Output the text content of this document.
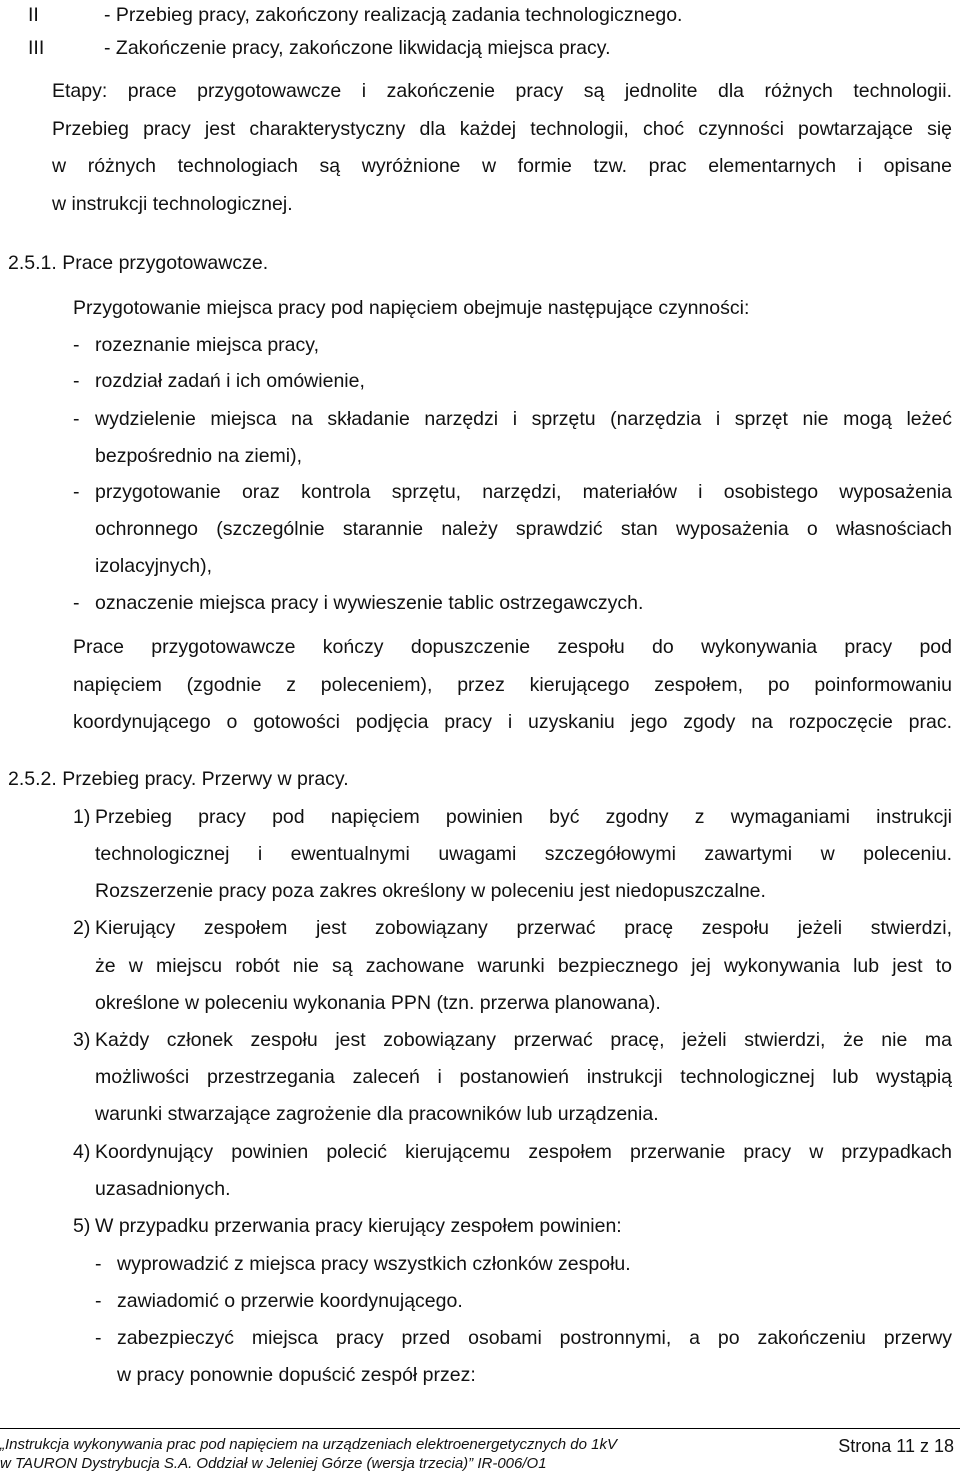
II	- Przebieg pracy, zakończony realizacją zadania technologicznego.
III	- Zakończenie pracy, zakończone likwidacją miejsca pracy.
Etapy: prace przygotowawcze i zakończenie pracy są jednolite dla różnych technologii.
Przebieg pracy jest charakterystyczny dla każdej technologii, choć czynności powtarzające się
w różnych technologiach są wyróżnione w formie tzw. prac elementarnych i opisane
w instrukcji technologicznej.
2.5.1. Prace przygotowawcze.
Przygotowanie miejsca pracy pod napięciem obejmuje następujące czynności:
- rozeznanie miejsca pracy,
- rozdział zadań i ich omówienie,
- wydzielenie miejsca na składanie narzędzi i sprzętu (narzędzia i sprzęt nie mogą leżeć
bezpośrednio na ziemi),
- przygotowanie oraz kontrola sprzętu, narzędzi, materiałów i osobistego wyposażenia
ochronnego (szczególnie starannie należy sprawdzić stan wyposażenia o własnościach
izolacyjnych),
- oznaczenie miejsca pracy i wywieszenie tablic ostrzegawczych.
Prace przygotowawcze kończy dopuszczenie zespołu do wykonywania pracy pod
napięciem (zgodnie z poleceniem), przez kierującego zespołem, po poinformowaniu
koordynującego o gotowości podjęcia pracy i uzyskaniu jego zgody na rozpoczęcie prac.
2.5.2. Przebieg pracy. Przerwy w pracy.
1) Przebieg pracy pod napięciem powinien być zgodny z wymaganiami instrukcji
technologicznej i ewentualnymi uwagami szczegółowymi zawartymi w poleceniu.
Rozszerzenie pracy poza zakres określony w poleceniu jest niedopuszczalne.
2) Kierujący zespołem jest zobowiązany przerwać pracę zespołu jeżeli stwierdzi,
że w miejscu robót nie są zachowane warunki bezpiecznego jej wykonywania lub jest to
określone w poleceniu wykonania PPN (tzn. przerwa planowana).
3) Każdy członek zespołu jest zobowiązany przerwać pracę, jeżeli stwierdzi, że nie ma
możliwości przestrzegania zaleceń i postanowień instrukcji technologicznej lub wystąpią
warunki stwarzające zagrożenie dla pracowników lub urządzenia.
4) Koordynujący powinien polecić kierującemu zespołem przerwanie pracy w przypadkach
uzasadnionych.
5) W przypadku przerwania pracy kierujący zespołem powinien:
- wyprowadzić z miejsca pracy wszystkich członków zespołu.
- zawiadomić o przerwie koordynującego.
- zabezpieczyć miejsca pracy przed osobami postronnymi, a po zakończeniu przerwy
w pracy ponownie dopuścić zespół przez:
„Instrukcja wykonywania prac pod napięciem na urządzeniach elektroenergetycznych do 1kV
w TAURON Dystrybucja S.A. Oddział w Jeleniej Górze (wersja trzecia)” IR-006/O1
Strona 11 z 18
